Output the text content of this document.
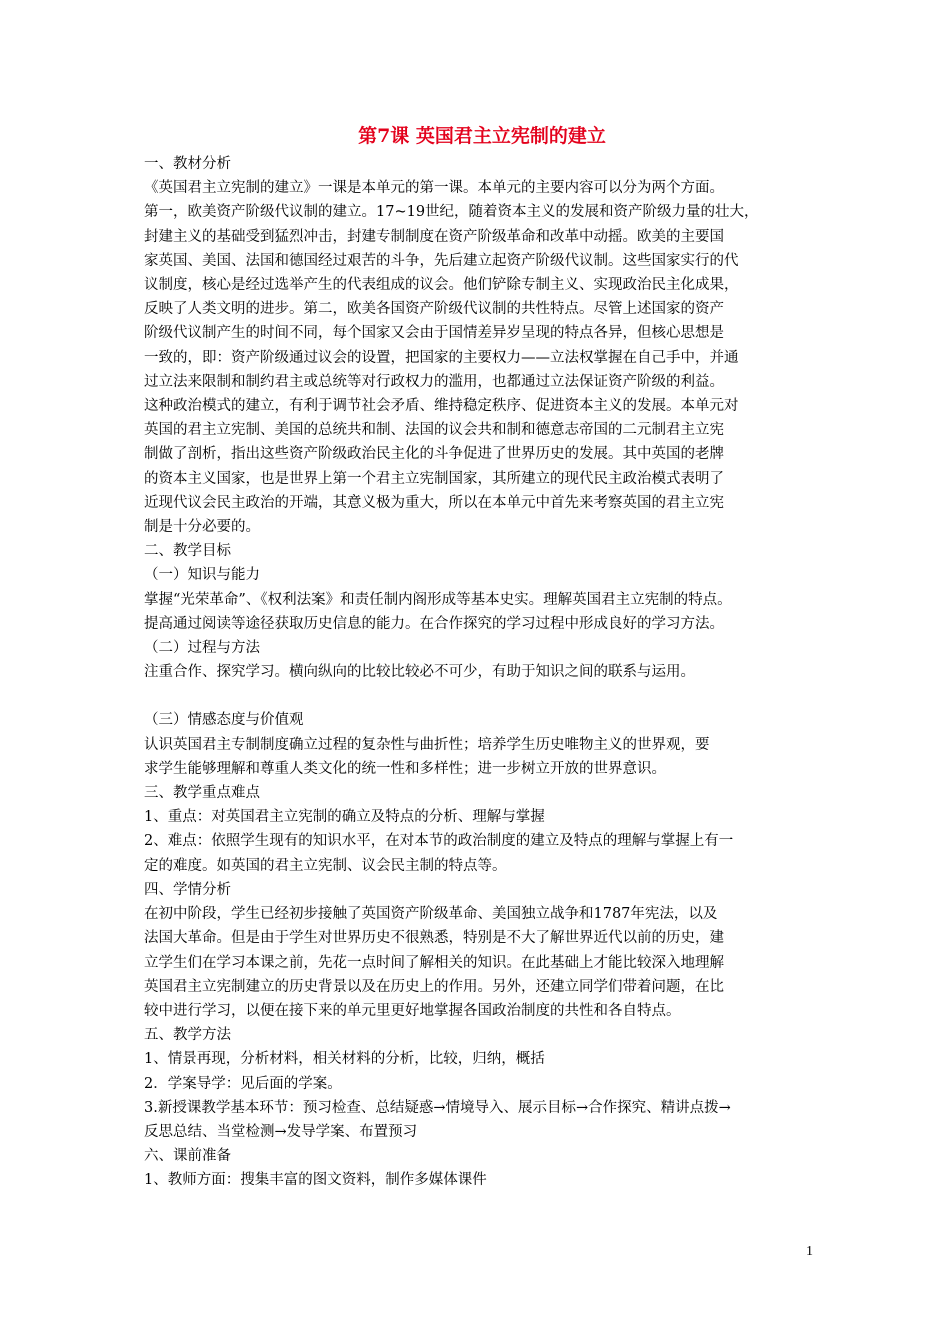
第7课 英国君主立宪制的建立
一、教材分析
《英国君主立宪制的建立》一课是本单元的第一课。本单元的主要内容可以分为两个方面。
第一，欧美资产阶级代议制的建立。17~19世纪，随着资本主义的发展和资产阶级力量的壮大，
封建主义的基础受到猛烈冲击，封建专制制度在资产阶级革命和改革中动摇。欧美的主要国
家英国、美国、法国和德国经过艰苦的斗争，先后建立起资产阶级代议制。这些国家实行的代
议制度，核心是经过选举产生的代表组成的议会。他们铲除专制主义、实现政治民主化成果，
反映了人类文明的进步。第二，欧美各国资产阶级代议制的共性特点。尽管上述国家的资产
阶级代议制产生的时间不同，每个国家又会由于国情差异岁呈现的特点各异，但核心思想是
一致的，即：资产阶级通过议会的设置，把国家的主要权力——立法权掌握在自己手中，并通
过立法来限制和制约君主或总统等对行政权力的滥用，也都通过立法保证资产阶级的利益。
这种政治模式的建立，有利于调节社会矛盾、维持稳定秩序、促进资本主义的发展。本单元对
英国的君主立宪制、美国的总统共和制、法国的议会共和制和德意志帝国的二元制君主立宪
制做了剖析，指出这些资产阶级政治民主化的斗争促进了世界历史的发展。其中英国的老牌
的资本主义国家，也是世界上第一个君主立宪制国家，其所建立的现代民主政治模式表明了
近现代议会民主政治的开端，其意义极为重大，所以在本单元中首先来考察英国的君主立宪
制是十分必要的。
二、教学目标
（一）知识与能力
掌握“光荣革命”、《权利法案》和责任制内阁形成等基本史实。理解英国君主立宪制的特点。
提高通过阅读等途径获取历史信息的能力。在合作探究的学习过程中形成良好的学习方法。
（二）过程与方法
注重合作、探究学习。横向纵向的比较比较必不可少，有助于知识之间的联系与运用。
（三）情感态度与价值观
认识英国君主专制制度确立过程的复杂性与曲折性；培养学生历史唯物主义的世界观，要
求学生能够理解和尊重人类文化的统一性和多样性；进一步树立开放的世界意识。
三、教学重点难点
1、重点：对英国君主立宪制的确立及特点的分析、理解与掌握
2、难点：依照学生现有的知识水平，在对本节的政治制度的建立及特点的理解与掌握上有一
定的难度。如英国的君主立宪制、议会民主制的特点等。
四、学情分析
在初中阶段，学生已经初步接触了英国资产阶级革命、美国独立战争和1787年宪法，以及
法国大革命。但是由于学生对世界历史不很熟悉，特别是不大了解世界近代以前的历史，建
立学生们在学习本课之前，先花一点时间了解相关的知识。在此基础上才能比较深入地理解
英国君主立宪制建立的历史背景以及在历史上的作用。另外，还建立同学们带着问题，在比
较中进行学习，以便在接下来的单元里更好地掌握各国政治制度的共性和各自特点。
五、教学方法
1、情景再现，分析材料，相关材料的分析，比较，归纳，概括
2．学案导学：见后面的学案。
3.新授课教学基本环节：预习检查、总结疑惑→情境导入、展示目标→合作探究、精讲点拨→
反思总结、当堂检测→发导学案、布置预习
六、课前准备
1、教师方面：搜集丰富的图文资料，制作多媒体课件
1
